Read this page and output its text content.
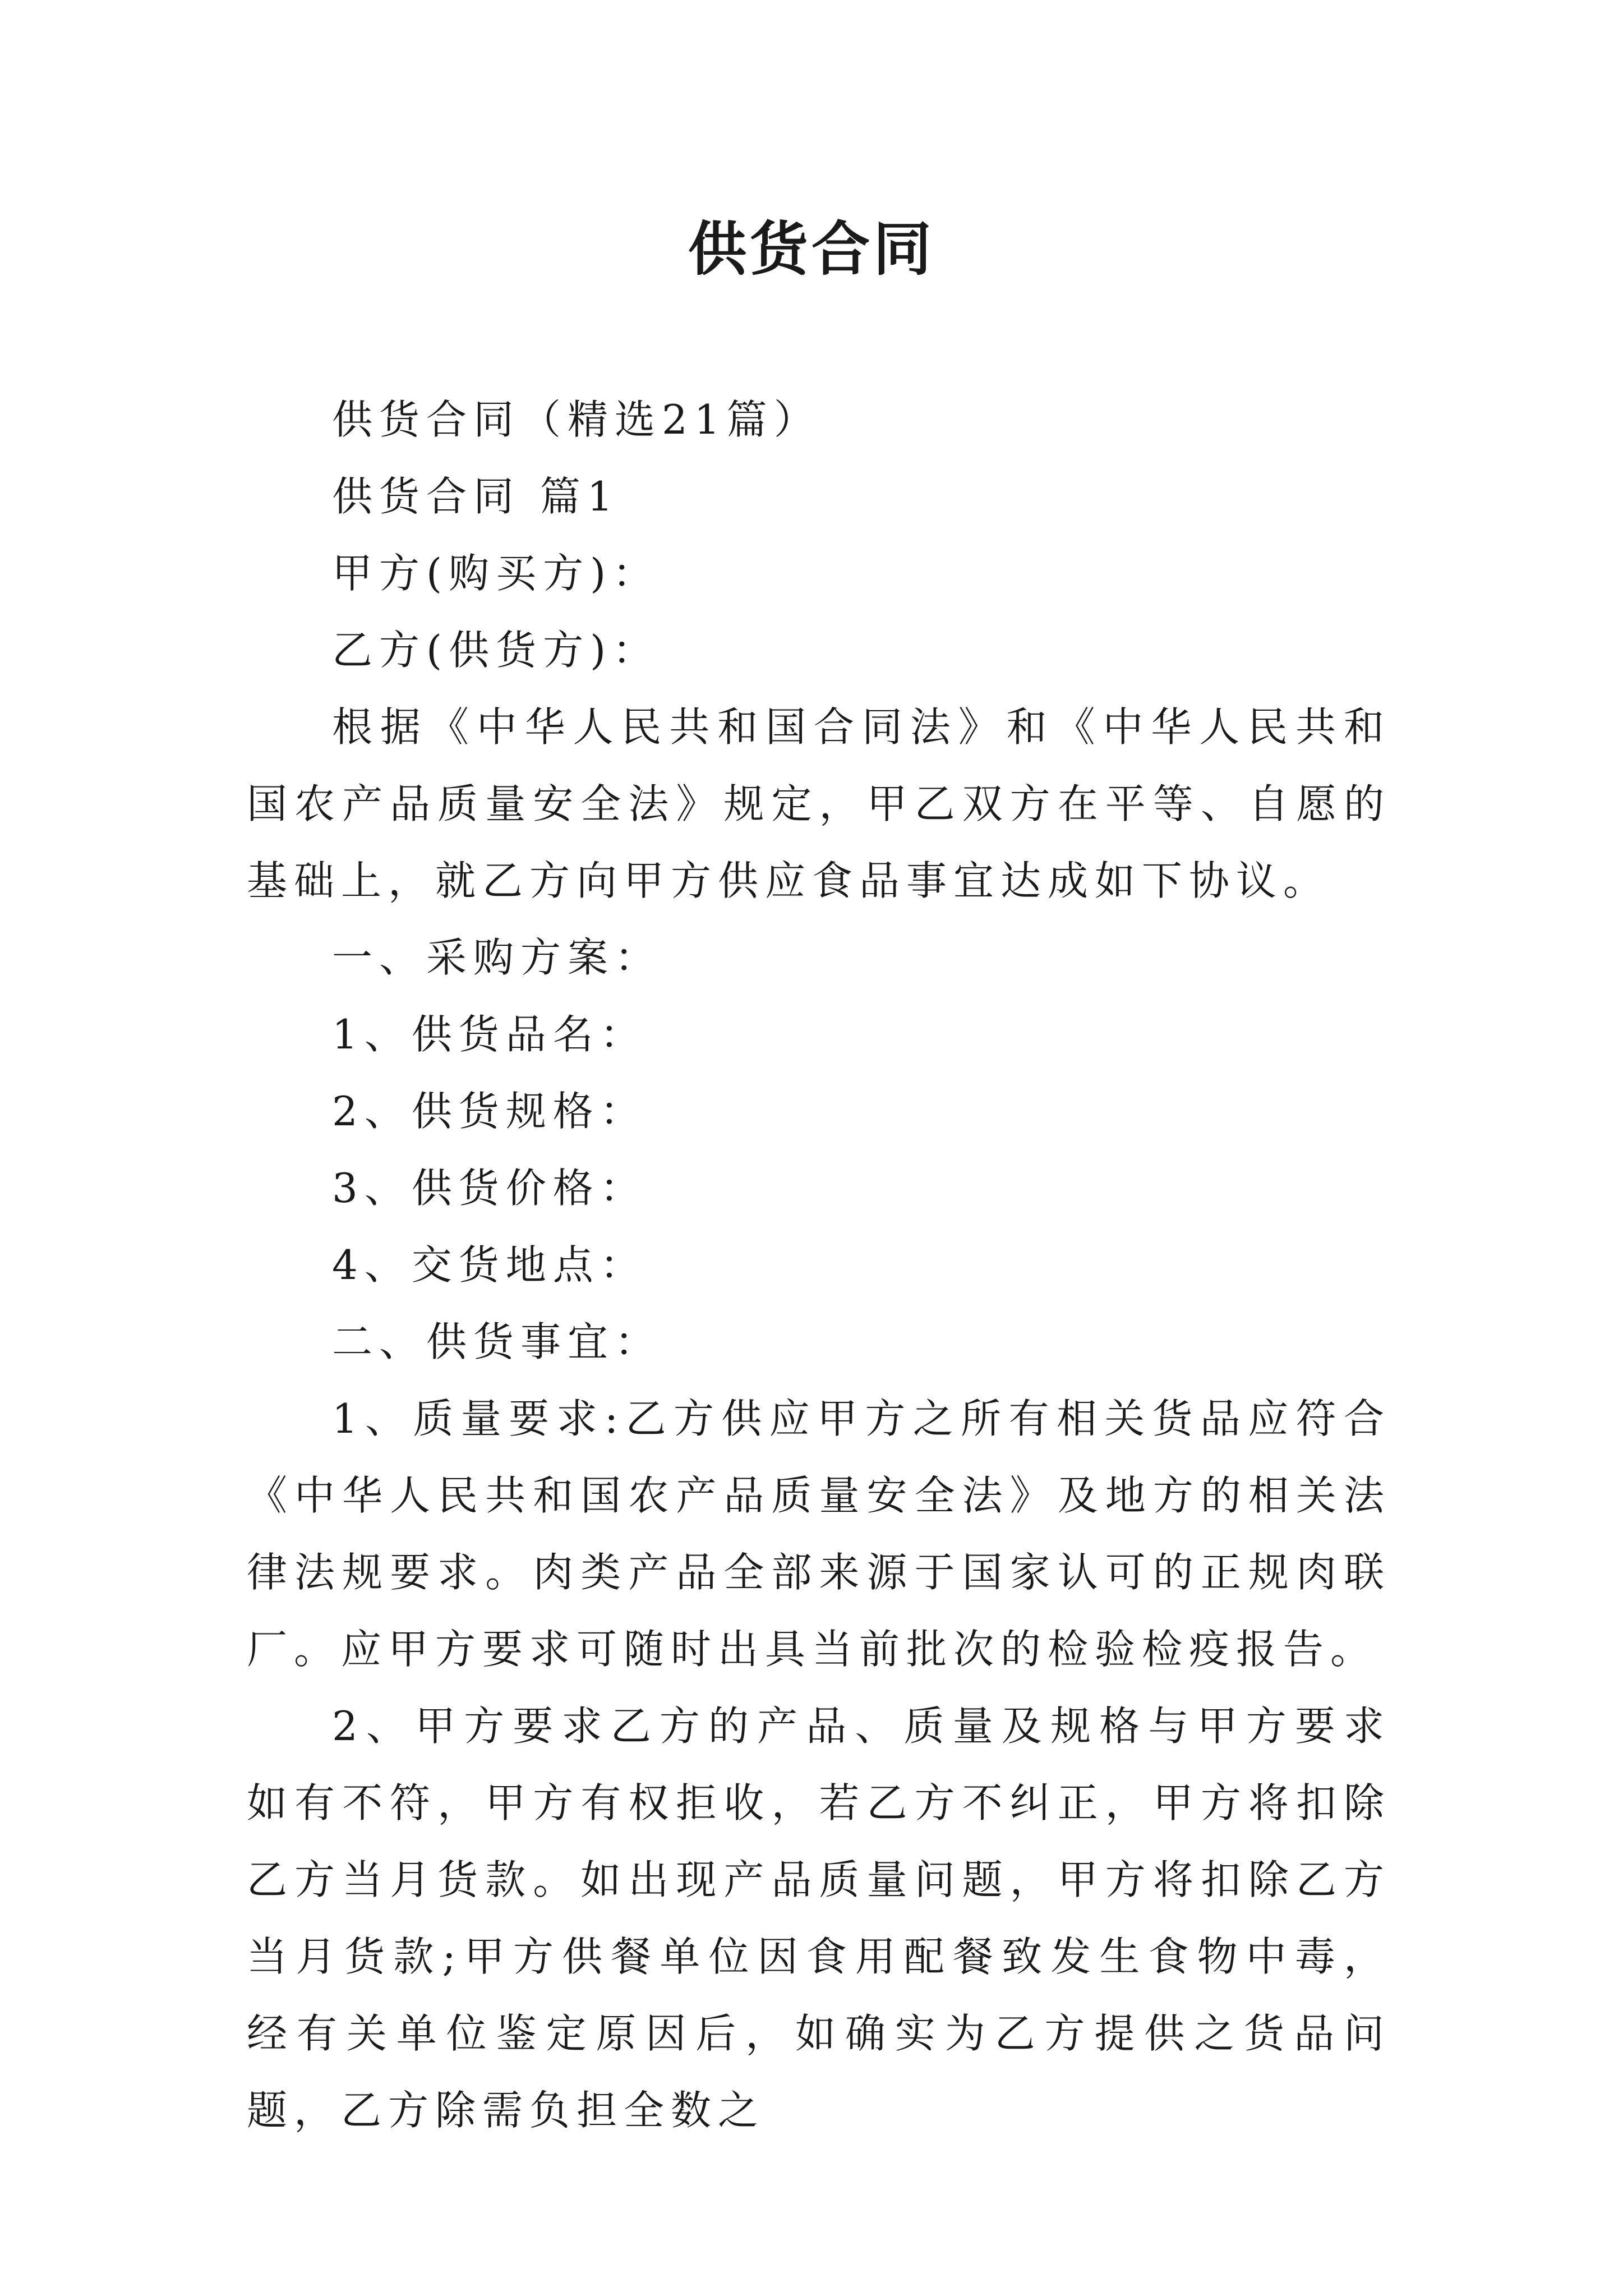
供货合同

供货合同（精选21篇）

供货合同 篇1

甲方(购买方)：

乙方(供货方)：

根据《中华人民共和国合同法》和《中华人民共和国农产品质量安全法》规定，甲乙双方在平等、自愿的基础上，就乙方向甲方供应食品事宜达成如下协议。

一、采购方案：

1、供货品名：

2、供货规格：

3、供货价格：

4、交货地点：

二、供货事宜：

1、质量要求:乙方供应甲方之所有相关货品应符合《中华人民共和国农产品质量安全法》及地方的相关法律法规要求。肉类产品全部来源于国家认可的正规肉联厂。应甲方要求可随时出具当前批次的检验检疫报告。

2、甲方要求乙方的产品、质量及规格与甲方要求如有不符，甲方有权拒收，若乙方不纠正，甲方将扣除乙方当月货款。如出现产品质量问题，甲方将扣除乙方当月货款;甲方供餐单位因食用配餐致发生食物中毒，经有关单位鉴定原因后，如确实为乙方提供之货品问题，乙方除需负担全数之
